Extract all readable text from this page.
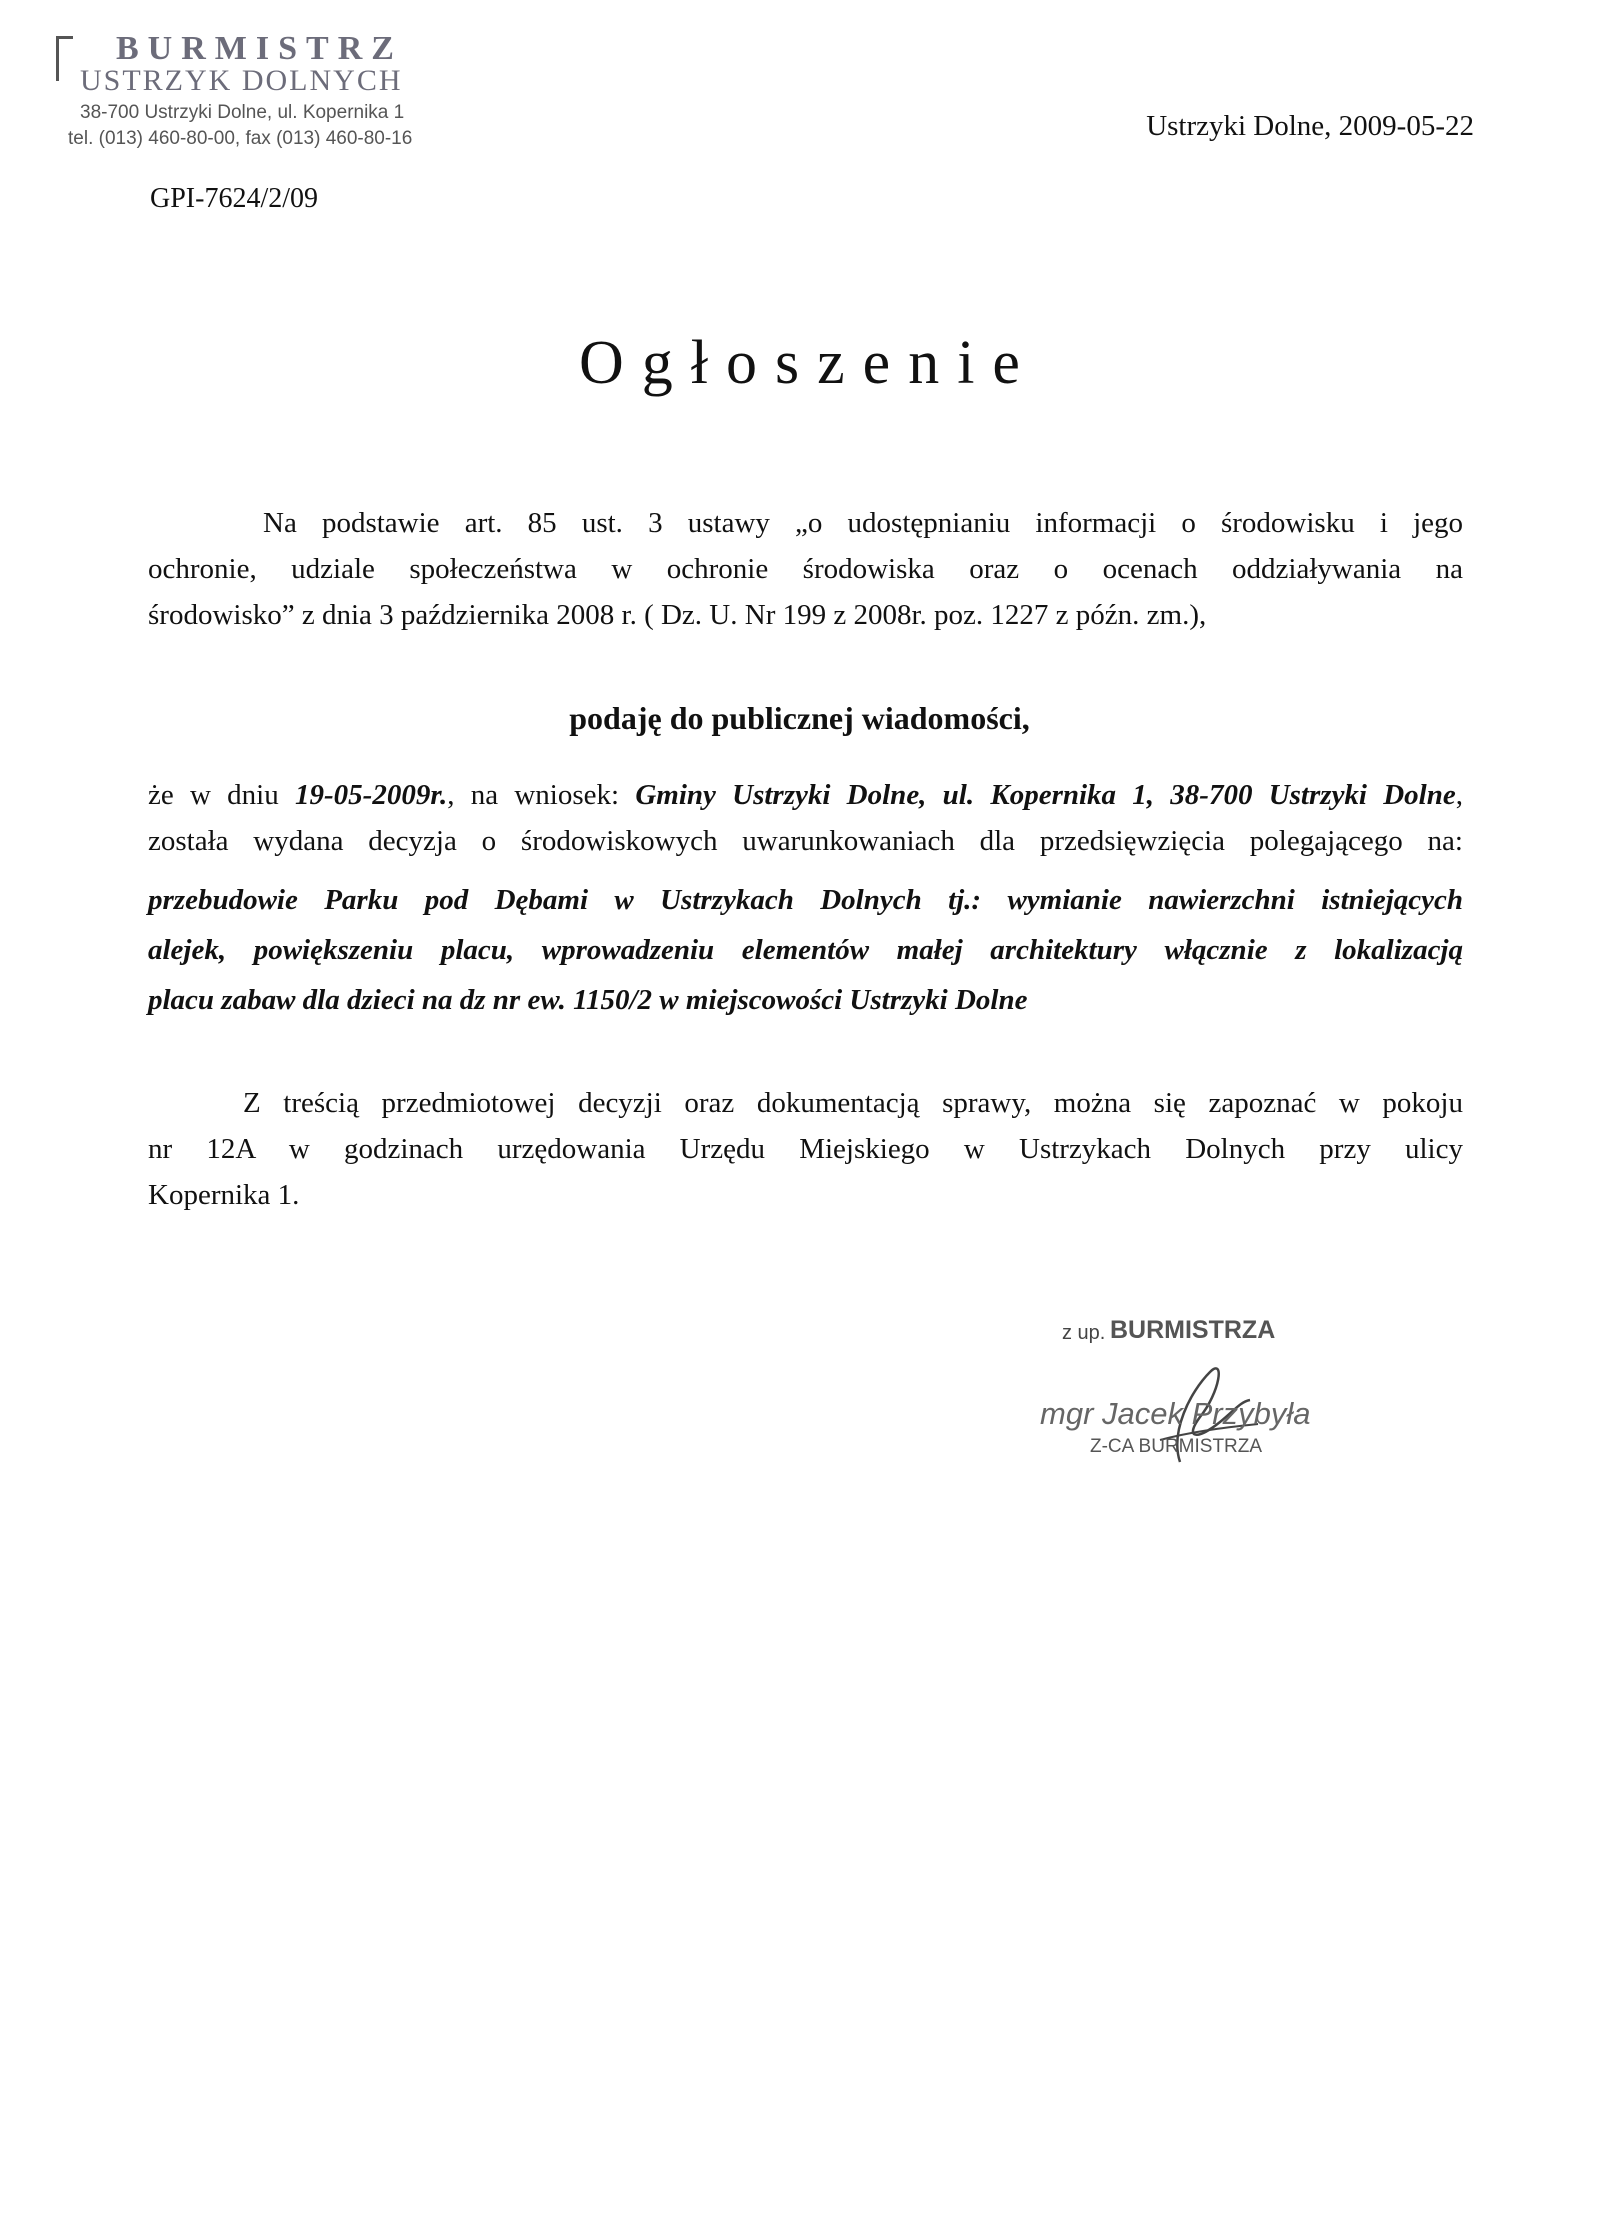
BURMISTRZ
USTRZYK DOLNYCH
38-700 Ustrzyki Dolne, ul. Kopernika 1
tel. (013) 460-80-00, fax (013) 460-80-16	Ustrzyki Dolne, 2009-05-22
GPI-7624/2/09
Ogłoszenie
Na podstawie art. 85 ust. 3 ustawy „o udostępnianiu informacji o środowisku i jego
ochronie, udziale społeczeństwa w ochronie środowiska oraz o ocenach oddziaływania na
środowisko” z dnia 3 października 2008 r. ( Dz. U. Nr 199 z 2008r. poz. 1227 z późn. zm.),
podaję do publicznej wiadomości,
że w dniu 19-05-2009r., na wniosek: Gminy Ustrzyki Dolne, ul. Kopernika 1, 38-700 Ustrzyki Dolne,
została wydana decyzja o środowiskowych uwarunkowaniach dla przedsięwzięcia polegającego na:
przebudowie Parku pod Dębami w Ustrzykach Dolnych tj.: wymianie nawierzchni istniejących
alejek, powiększeniu placu, wprowadzeniu elementów małej architektury włącznie z lokalizacją
placu zabaw dla dzieci na dz nr ew. 1150/2 w miejscowości Ustrzyki Dolne
Z treścią przedmiotowej decyzji oraz dokumentacją sprawy, można się zapoznać w pokoju
nr 12A w godzinach urzędowania Urzędu Miejskiego w Ustrzykach Dolnych przy ulicy
Kopernika 1.
z up. BURMISTRZA
mgr Jacek Przybyła
Z-CA BURMISTRZA
